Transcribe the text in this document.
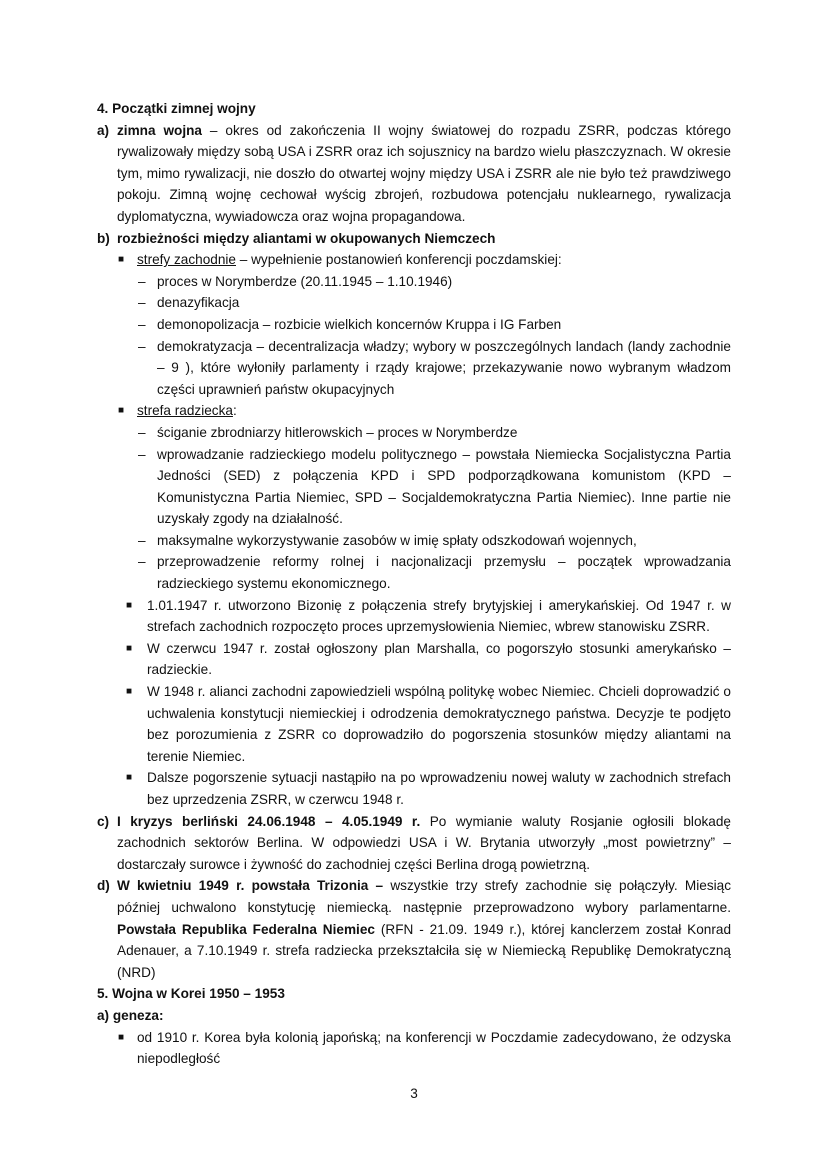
4. Początki zimnej wojny
a) zimna wojna – okres od zakończenia II wojny światowej do rozpadu ZSRR, podczas którego rywalizowały między sobą USA i ZSRR oraz ich sojusznicy na bardzo wielu płaszczyznach. W okresie tym, mimo rywalizacji, nie doszło do otwartej wojny między USA i ZSRR ale nie było też prawdziwego pokoju. Zimną wojnę cechował wyścig zbrojeń, rozbudowa potencjału nuklearnego, rywalizacja dyplomatyczna, wywiadowcza oraz wojna propagandowa.
b) rozbieżności między aliantami w okupowanych Niemczech
■ strefy zachodnie – wypełnienie postanowień konferencji poczdamskiej:
– proces w Norymberdze (20.11.1945 – 1.10.1946)
– denazyfikacja
– demonopolizacja – rozbicie wielkich koncernów Kruppa i IG Farben
– demokratyzacja – decentralizacja władzy; wybory w poszczególnych landach (landy zachodnie – 9 ), które wyłoniły parlamenty i rządy krajowe; przekazywanie nowo wybranym władzom części uprawnień państw okupacyjnych
■ strefa radziecka:
– ściganie zbrodniarzy hitlerowskich – proces w Norymberdze
– wprowadzanie radzieckiego modelu politycznego – powstała Niemiecka Socjalistyczna Partia Jedności (SED) z połączenia KPD i SPD podporządkowana komunistom (KPD – Komunistyczna Partia Niemiec, SPD – Socjaldemokratyczna Partia Niemiec). Inne partie nie uzyskały zgody na działalność.
– maksymalne wykorzystywanie zasobów w imię spłaty odszkodowań wojennych,
– przeprowadzenie reformy rolnej i nacjonalizacji przemysłu – początek wprowadzania radzieckiego systemu ekonomicznego.
■ 1.01.1947 r. utworzono Bizonię z połączenia strefy brytyjskiej i amerykańskiej. Od 1947 r. w strefach zachodnich rozpoczęto proces uprzemysłowienia Niemiec, wbrew stanowisku ZSRR.
■ W czerwcu 1947 r. został ogłoszony plan Marshalla, co pogorszyło stosunki amerykańsko – radzieckie.
■ W 1948 r. alianci zachodni zapowiedzieli wspólną politykę wobec Niemiec. Chcieli doprowadzić o uchwalenia konstytucji niemieckiej i odrodzenia demokratycznego państwa. Decyzje te podjęto bez porozumienia z ZSRR co doprowadziło do pogorszenia stosunków między aliantami na terenie Niemiec.
■ Dalsze pogorszenie sytuacji nastąpiło na po wprowadzeniu nowej waluty w zachodnich strefach bez uprzedzenia ZSRR, w czerwcu 1948 r.
c) I kryzys berliński 24.06.1948 – 4.05.1949 r. Po wymianie waluty Rosjanie ogłosili blokadę zachodnich sektorów Berlina. W odpowiedzi USA i W. Brytania utworzyły „most powietrzny” – dostarczały surowce i żywność do zachodniej części Berlina drogą powietrzną.
d) W kwietniu 1949 r. powstała Trizonia – wszystkie trzy strefy zachodnie się połączyły. Miesiąc później uchwalono konstytucję niemiecką. następnie przeprowadzono wybory parlamentarne. Powstała Republika Federalna Niemiec (RFN - 21.09. 1949 r.), której kanclerzem został Konrad Adenauer, a 7.10.1949 r. strefa radziecka przekształciła się w Niemiecką Republikę Demokratyczną (NRD)
5. Wojna w Korei 1950 – 1953
a) geneza:
■ od 1910 r. Korea była kolonią japońską; na konferencji w Poczdamie zadecydowano, że odzyska niepodległość
3
